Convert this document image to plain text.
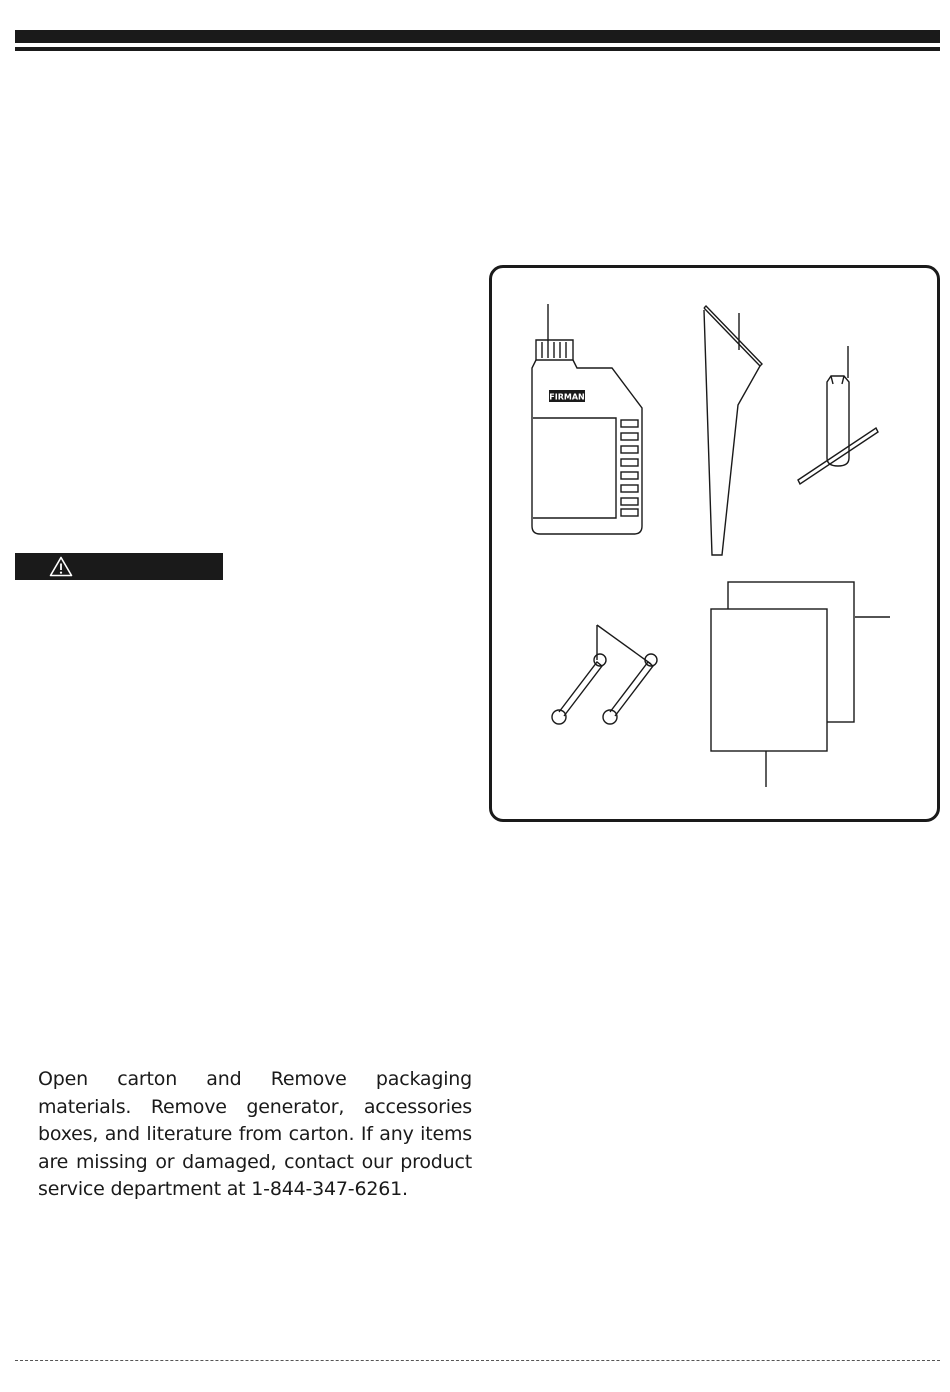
FIRMAN

Open carton and Remove packaging materials. Remove generator, accessories boxes, and literature from carton. If any items are missing or damaged, contact our product service department at 1-844-347-6261.
